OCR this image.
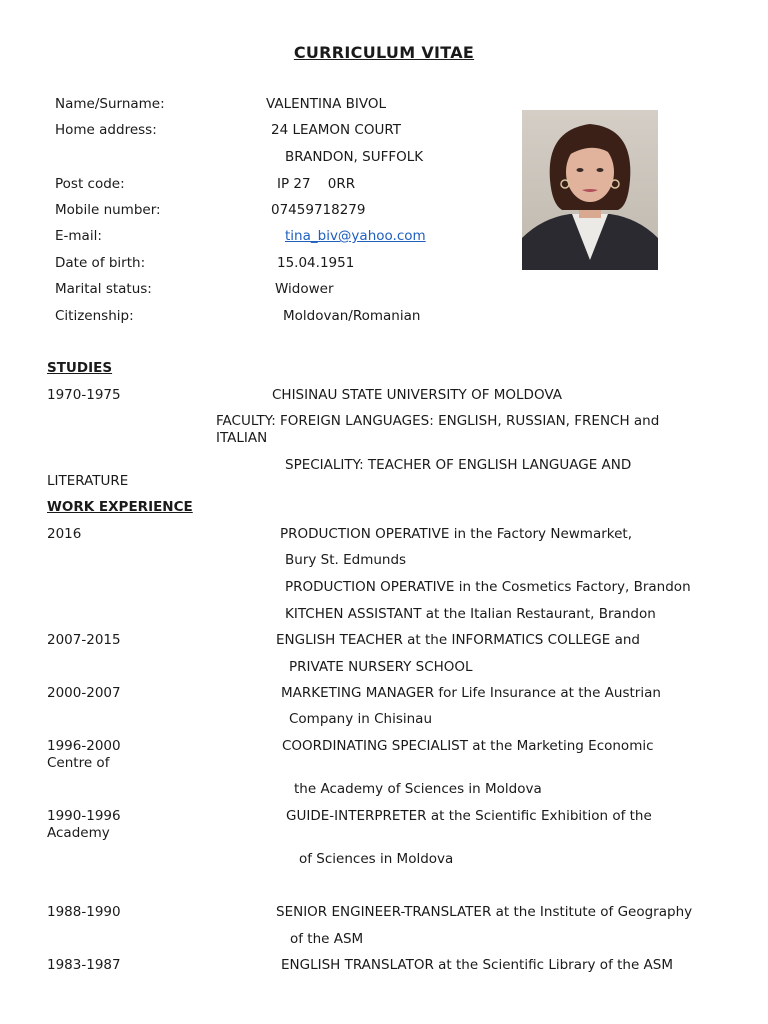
CURRICULUM VITAE
Name/Surname:	VALENTINA BIVOL
Home address:	24 LEAMON COURT
BRANDON, SUFFOLK
Post code:	IP 27    0RR
Mobile number:	07459718279
E-mail:	tina_biv@yahoo.com
Date of birth:	15.04.1951
Marital status:	Widower
Citizenship:	Moldovan/Romanian
STUDIES
1970-1975	CHISINAU STATE UNIVERSITY OF MOLDOVA
FACULTY: FOREIGN LANGUAGES: ENGLISH, RUSSIAN, FRENCH and
ITALIAN
SPECIALITY: TEACHER OF ENGLISH LANGUAGE AND
LITERATURE
WORK EXPERIENCE
2016	PRODUCTION OPERATIVE in the Factory Newmarket,
Bury St. Edmunds
PRODUCTION OPERATIVE in the Cosmetics Factory, Brandon
KITCHEN ASSISTANT at the Italian Restaurant, Brandon
2007-2015	ENGLISH TEACHER at the INFORMATICS COLLEGE and
PRIVATE NURSERY SCHOOL
2000-2007	MARKETING MANAGER for Life Insurance at the Austrian
Company in Chisinau
1996-2000	COORDINATING SPECIALIST at the Marketing Economic
Centre of
the Academy of Sciences in Moldova
1990-1996	GUIDE-INTERPRETER at the Scientific Exhibition of the
Academy
of Sciences in Moldova
1988-1990	SENIOR ENGINEER-TRANSLATER at the Institute of Geography
of the ASM
1983-1987	ENGLISH TRANSLATOR at the Scientific Library of the ASM
